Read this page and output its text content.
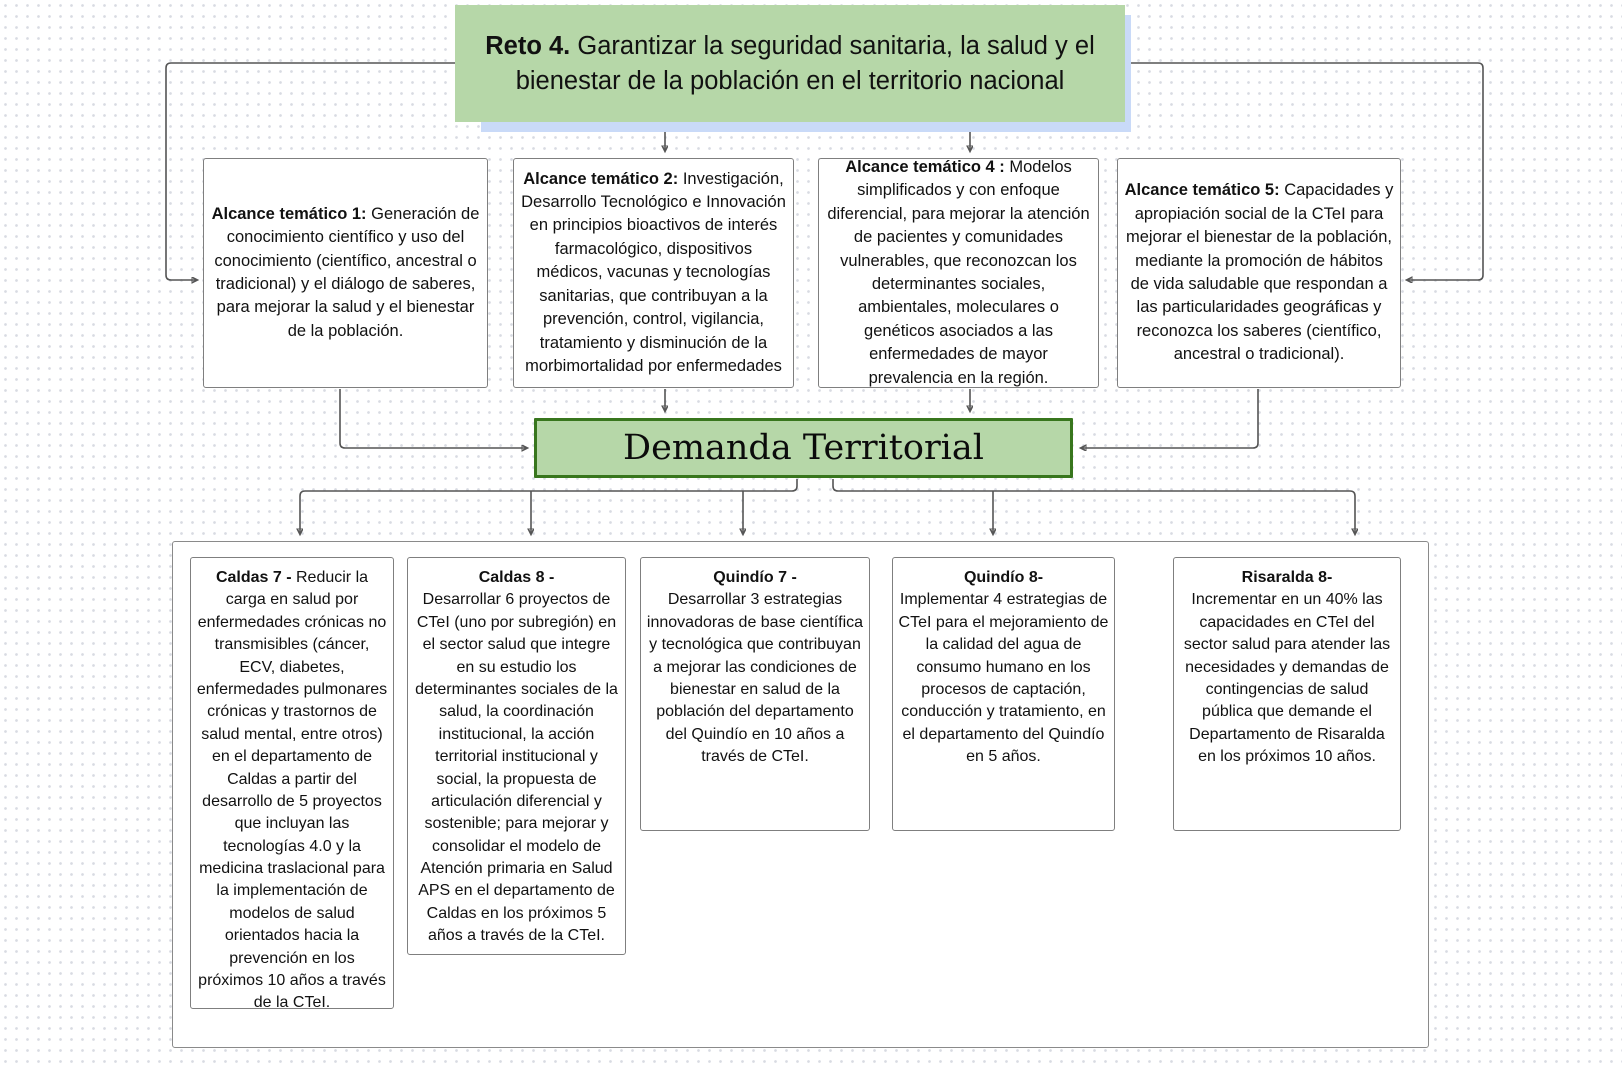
Reto 4. Garantizar la seguridad sanitaria, la salud y el bienestar de la población en el territorio nacional
Alcance temático 1: Generación de conocimiento científico y uso del conocimiento (científico, ancestral o tradicional) y el diálogo de saberes, para mejorar la salud y el bienestar de la población.
Alcance temático 2: Investigación, Desarrollo Tecnológico e Innovación en principios bioactivos de interés farmacológico, dispositivos médicos, vacunas y tecnologías sanitarias, que contribuyan a la prevención, control, vigilancia, tratamiento y disminución de la morbimortalidad por enfermedades
Alcance temático 4 : Modelos simplificados y con enfoque diferencial, para mejorar la atención de pacientes y comunidades vulnerables, que reconozcan los determinantes sociales, ambientales, moleculares o genéticos asociados a las enfermedades de mayor prevalencia en la región.
Alcance temático 5: Capacidades y apropiación social de la CTeI para mejorar el bienestar de la población, mediante la promoción de hábitos de vida saludable que respondan a las particularidades geográficas y reconozca los saberes (científico, ancestral o tradicional).
Demanda Territorial
Caldas 7 - Reducir la carga en salud por enfermedades crónicas no transmisibles (cáncer, ECV, diabetes, enfermedades pulmonares crónicas y trastornos de salud mental, entre otros) en el departamento de Caldas a partir del desarrollo de 5 proyectos que incluyan las tecnologías 4.0 y la medicina traslacional para la implementación de modelos de salud orientados hacia la prevención en los próximos 10 años a través de la CTeI.
Caldas 8 -
Desarrollar 6 proyectos de CTeI (uno por subregión) en el sector salud que integre en su estudio los determinantes sociales de la salud, la coordinación institucional, la acción territorial institucional y social, la propuesta de articulación diferencial y sostenible; para mejorar y consolidar el modelo de Atención primaria en Salud APS en el departamento de Caldas en los próximos 5 años a través de la CTeI.
Quindío 7 -
Desarrollar 3 estrategias innovadoras de base científica y tecnológica que contribuyan a mejorar las condiciones de bienestar en salud de la población del departamento del Quindío en 10 años a través de CTeI.
Quindío 8-
Implementar 4 estrategias de CTeI para el mejoramiento de la calidad del agua de consumo humano en los procesos de captación, conducción y tratamiento, en el departamento del Quindío en 5 años.
Risaralda 8-
Incrementar en un 40% las capacidades en CTeI del sector salud para atender las necesidades y demandas de contingencias de salud pública que demande el Departamento de Risaralda en los próximos 10 años.
